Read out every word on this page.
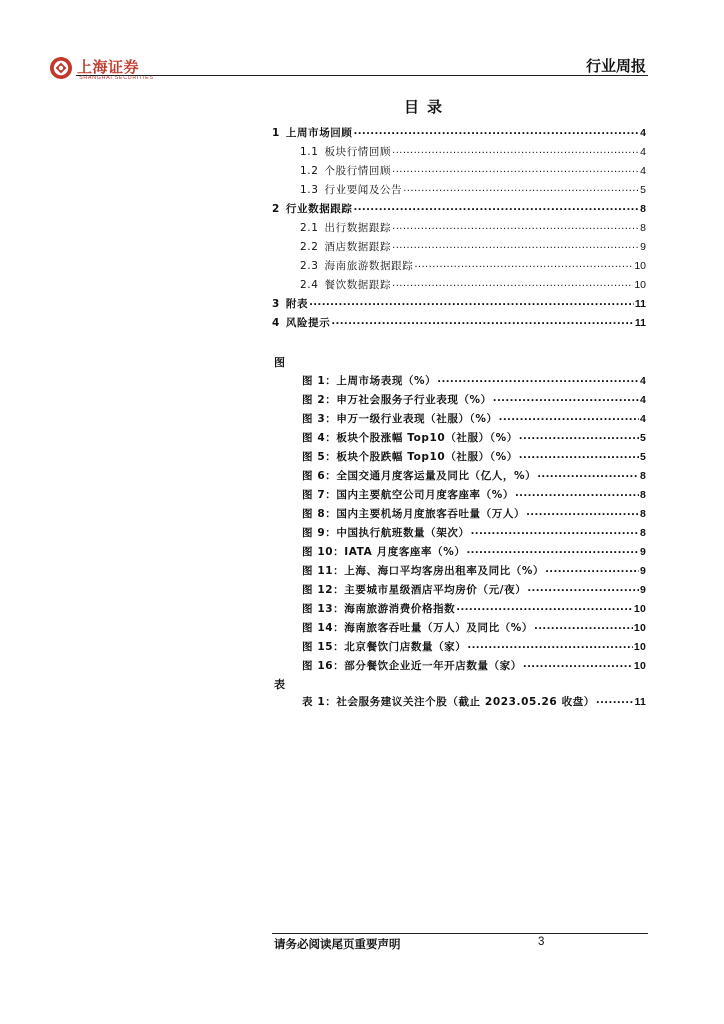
上海证券
SHANGHAI SECURITIES
行业周报
目录
1 上周市场回顾 .....	4
1.1 板块行情回顾 .....	4
1.2 个股行情回顾 .....	4
1.3 行业要闻及公告 .....	5
2 行业数据跟踪 .....	8
2.1 出行数据跟踪 .....	8
2.2 酒店数据跟踪 .....	9
2.3 海南旅游数据跟踪 .....	10
2.4 餐饮数据跟踪 .....	10
3 附表 .....	11
4 风险提示 .....	11
图
图 1：上周市场表现（%） .....	4
图 2：申万社会服务子行业表现（%） .....	4
图 3：申万一级行业表现（社服）（%） .....	4
图 4：板块个股涨幅 Top10（社服）（%） .....	5
图 5：板块个股跌幅 Top10（社服）（%） .....	5
图 6：全国交通月度客运量及同比（亿人，%） .....	8
图 7：国内主要航空公司月度客座率（%） .....	8
图 8：国内主要机场月度旅客吞吐量（万人） .....	8
图 9：中国执行航班数量（架次） .....	8
图 10：IATA 月度客座率（%） .....	9
图 11：上海、海口平均客房出租率及同比（%） .....	9
图 12：主要城市星级酒店平均房价（元/夜） .....	9
图 13：海南旅游消费价格指数 .....	10
图 14：海南旅客吞吐量（万人）及同比（%） .....	10
图 15：北京餐饮门店数量（家） .....	10
图 16：部分餐饮企业近一年开店数量（家） .....	10
表
表 1：社会服务建议关注个股（截止 2023.05.26 收盘） .....	11
请务必阅读尾页重要声明	3
